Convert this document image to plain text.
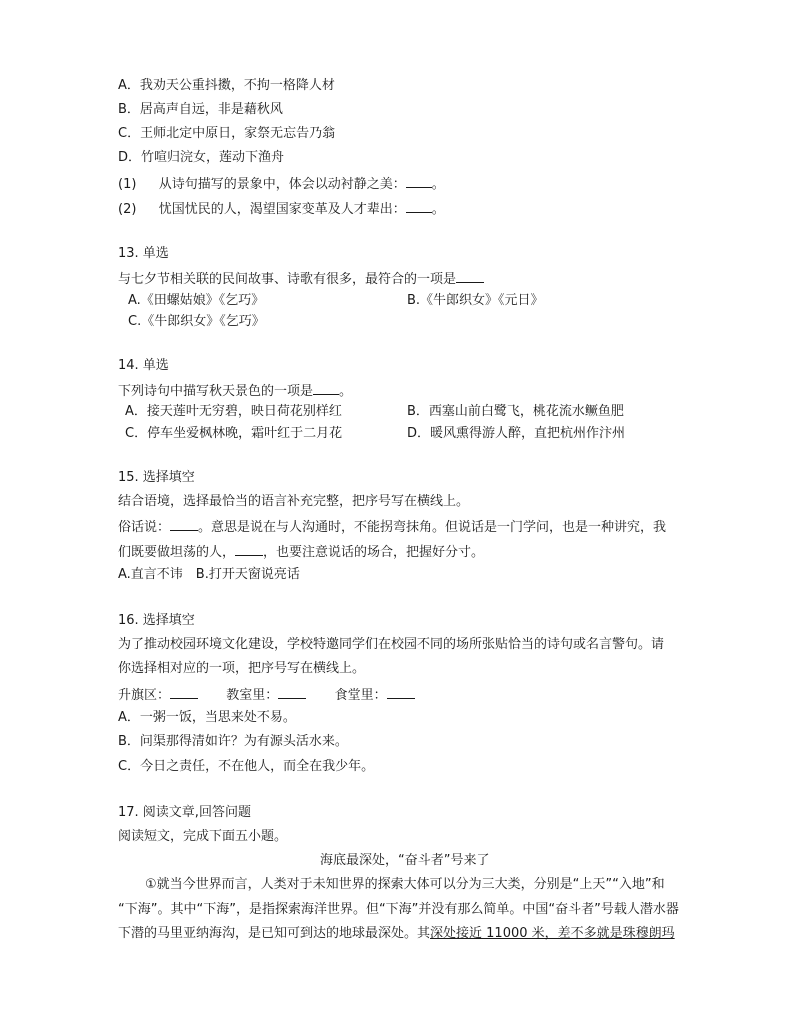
A．我劝天公重抖擞，不拘一格降人材
B．居高声自远，非是藉秋风
C．王师北定中原日，家祭无忘告乃翁
D．竹喧归浣女，莲动下渔舟
(1) 从诗句描写的景象中，体会以动衬静之美： 。
(2) 忧国忧民的人，渴望国家变革及人才辈出： 。
13. 单选
与七夕节相关联的民间故事、诗歌有很多，最符合的一项是
A.《田螺姑娘》《乞巧》	B.《牛郎织女》《元日》
C.《牛郎织女》《乞巧》
14. 单选
下列诗句中描写秋天景色的一项是 。
A．接天莲叶无穷碧，映日荷花别样红	B．西塞山前白鹭飞，桃花流水鳜鱼肥
C．停车坐爱枫林晚，霜叶红于二月花	D．暖风熏得游人醉，直把杭州作汴州
15. 选择填空
结合语境，选择最恰当的语言补充完整，把序号写在横线上。
俗话说： 。意思是说在与人沟通时，不能拐弯抹角。但说话是一门学问，也是一种讲究，我
们既要做坦荡的人， ，也要注意说话的场合，把握好分寸。
A.直言不讳　B.打开天窗说亮话
16. 选择填空
为了推动校园环境文化建设，学校特邀同学们在校园不同的场所张贴恰当的诗句或名言警句。请
你选择相对应的一项，把序号写在横线上。
升旗区：	教室里：	食堂里：
A．一粥一饭，当思来处不易。
B．问渠那得清如许？为有源头活水来。
C．今日之责任，不在他人，而全在我少年。
17. 阅读文章,回答问题
阅读短文，完成下面五小题。
海底最深处，“奋斗者”号来了
①就当今世界而言，人类对于未知世界的探索大体可以分为三大类，分别是“上天”“入地”和
“下海”。其中“下海”，是指探索海洋世界。但“下海”并没有那么简单。中国“奋斗者”号载人潜水器
下潜的马里亚纳海沟，是已知可到达的地球最深处。其深处接近 11000 米，差不多就是珠穆朗玛
